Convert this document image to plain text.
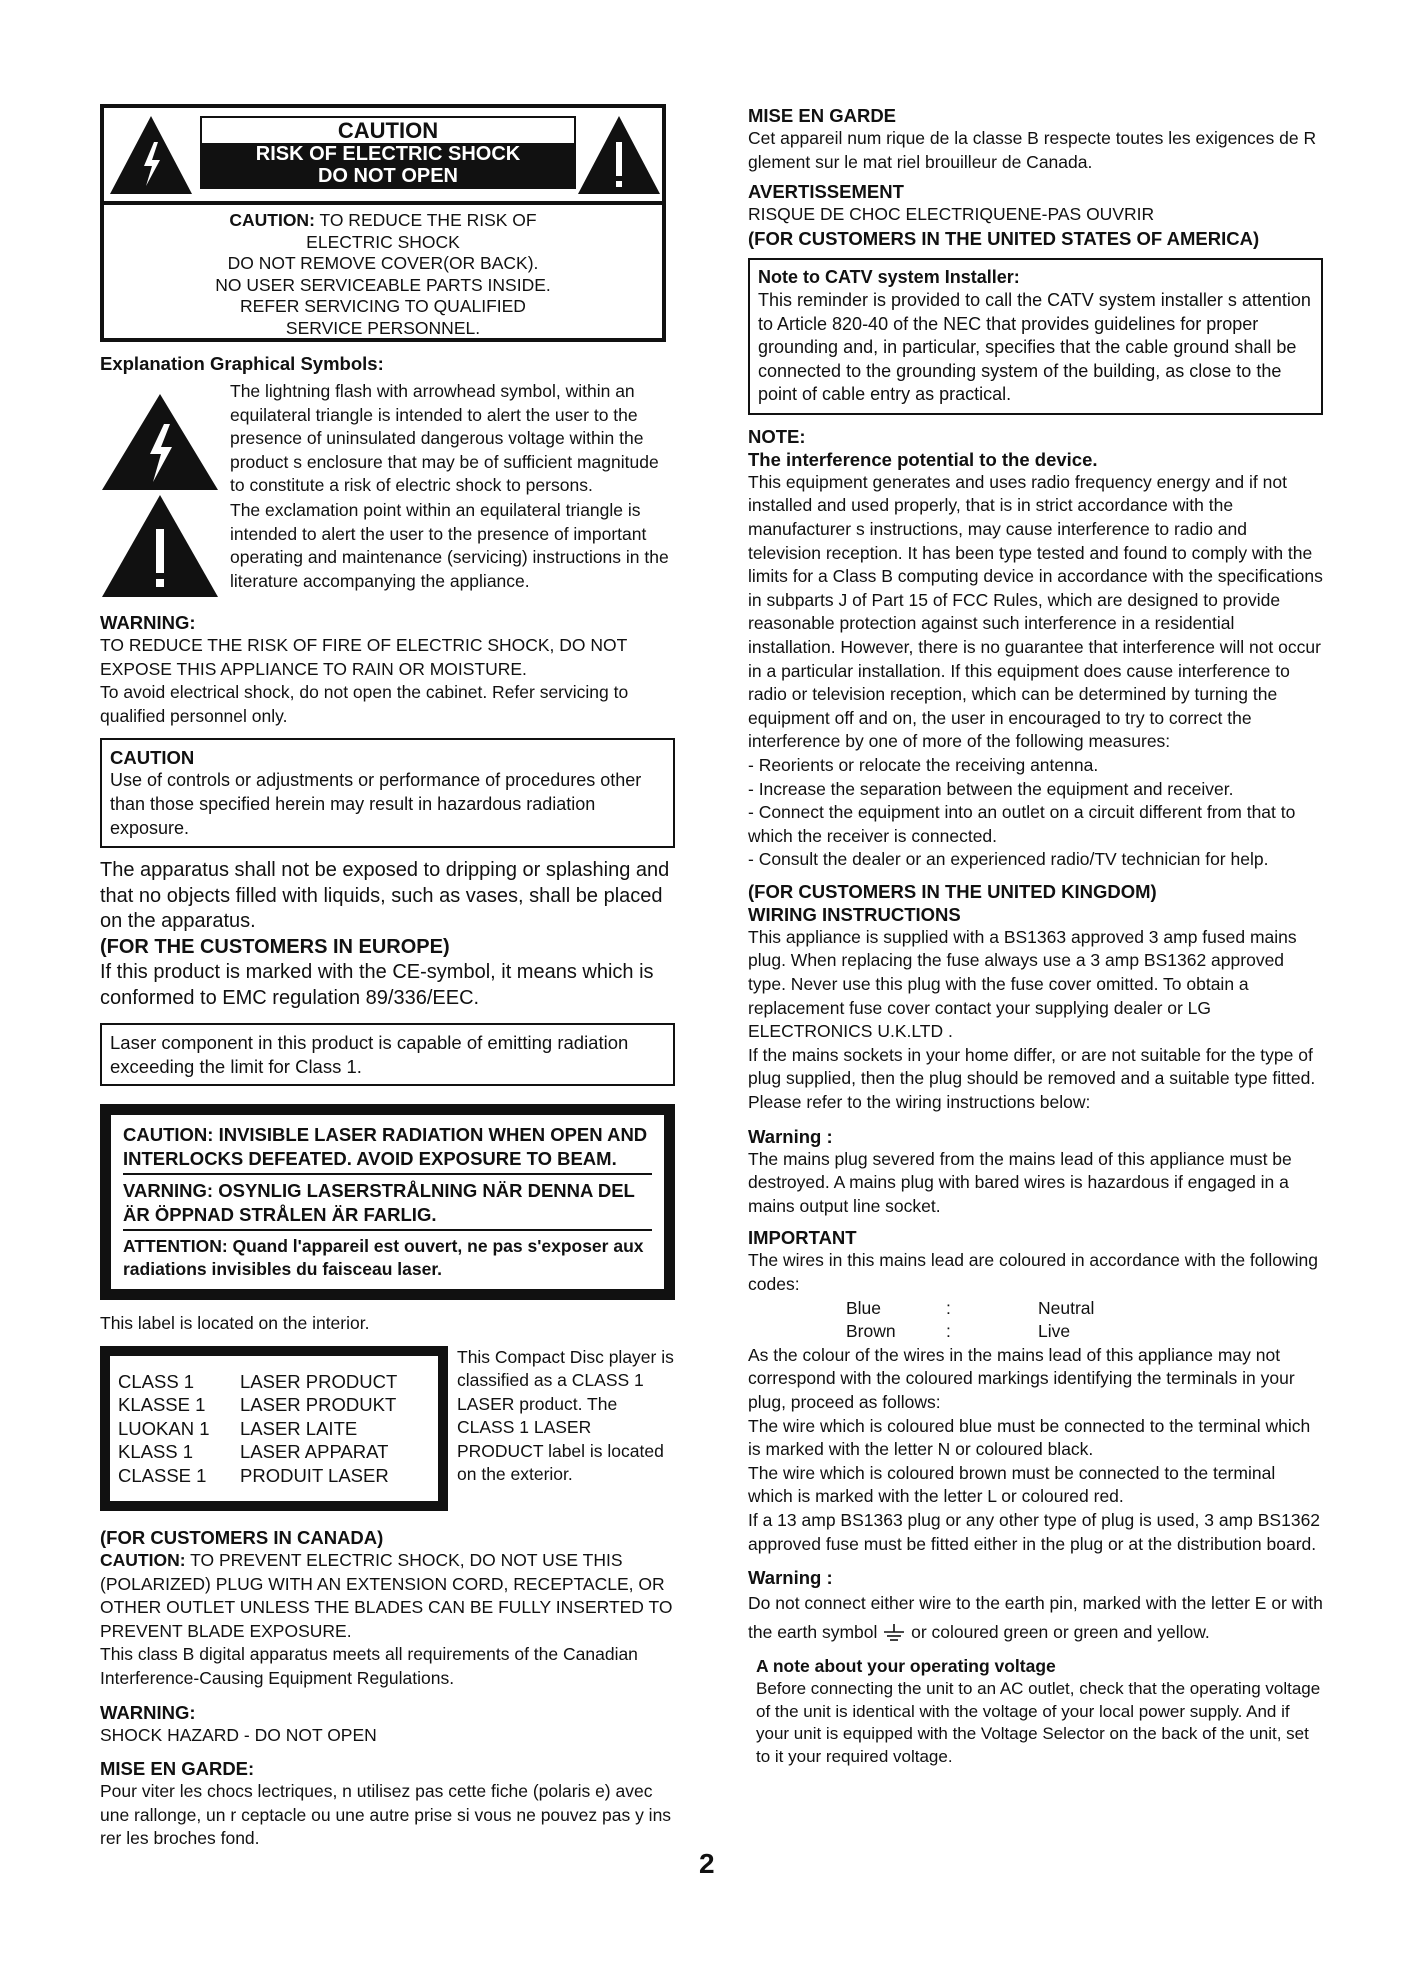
CAUTION
RISK OF ELECTRIC SHOCK
DO NOT OPEN
CAUTION: TO REDUCE THE RISK OF
ELECTRIC SHOCK
DO NOT REMOVE COVER(OR BACK).
NO USER SERVICEABLE PARTS INSIDE.
REFER SERVICING TO QUALIFIED
SERVICE PERSONNEL.

Explanation Graphical Symbols:

The lightning flash with arrowhead symbol, within an equilateral triangle is intended to alert the user to the presence of uninsulated dangerous voltage within the product s enclosure that may be of sufficient magnitude to constitute a risk of electric shock to persons.

The exclamation point within an equilateral triangle is intended to alert the user to the presence of important operating and maintenance (servicing) instructions in the literature accompanying the appliance.

WARNING:

TO REDUCE THE RISK OF FIRE OF ELECTRIC SHOCK, DO NOT EXPOSE THIS APPLIANCE TO RAIN OR MOISTURE.

To avoid electrical shock, do not open the cabinet. Refer servicing to qualified personnel only.

CAUTION

Use of controls or adjustments or performance of procedures other than those specified herein may result in hazardous radiation exposure.

The apparatus shall not be exposed to dripping or splashing and that no objects filled with liquids, such as vases, shall be placed on the apparatus.

(FOR THE CUSTOMERS IN EUROPE)

If this product is marked with the CE-symbol, it means which is conformed to EMC regulation 89/336/EEC.

Laser component in this product is capable of emitting radiation exceeding the limit for Class 1.

CAUTION: INVISIBLE LASER RADIATION WHEN OPEN AND INTERLOCKS DEFEATED. AVOID EXPOSURE TO BEAM.

VARNING: OSYNLIG LASERSTRÅLNING NÄR DENNA DEL ÄR ÖPPNAD STRÅLEN ÄR FARLIG.

ATTENTION: Quand l'appareil est ouvert, ne pas s'exposer aux radiations invisibles du faisceau laser.

This label is located on the interior.

CLASS 1	LASER PRODUCT
KLASSE 1	LASER PRODUKT
LUOKAN 1	LASER LAITE
KLASS 1	LASER APPARAT
CLASSE 1	PRODUIT LASER

This Compact Disc player is classified as a CLASS 1 LASER product. The CLASS 1 LASER PRODUCT label is located on the exterior.

(FOR CUSTOMERS IN CANADA)

CAUTION: TO PREVENT ELECTRIC SHOCK, DO NOT USE THIS (POLARIZED) PLUG WITH AN EXTENSION CORD, RECEPTACLE, OR OTHER OUTLET UNLESS THE BLADES CAN BE FULLY INSERTED TO PREVENT BLADE EXPOSURE.

This class B digital apparatus meets all requirements of the Canadian Interference-Causing Equipment Regulations.

WARNING:

SHOCK HAZARD - DO NOT OPEN

MISE EN GARDE:

Pour viter les chocs lectriques, n utilisez pas cette fiche (polaris e) avec une rallonge, un r ceptacle ou une autre prise si vous ne pouvez pas y ins rer les broches fond.

MISE EN GARDE

Cet appareil num rique de la classe B respecte toutes les exigences de R glement sur le mat riel brouilleur de Canada.

AVERTISSEMENT

RISQUE DE CHOC ELECTRIQUENE-PAS OUVRIR

(FOR CUSTOMERS IN THE UNITED STATES OF AMERICA)

Note to CATV system Installer:

This reminder is provided to call the CATV system installer s attention to Article 820-40 of the NEC that provides guidelines for proper grounding and, in particular, specifies that the cable ground shall be connected to the grounding system of the building, as close to the point of cable entry as practical.

NOTE:

The interference potential to the device.

This equipment generates and uses radio frequency energy and if not installed and used properly, that is in strict accordance with the manufacturer s instructions, may cause interference to radio and television reception. It has been type tested and found to comply with the limits for a Class B computing device in accordance with the specifications in subparts J of Part 15 of FCC Rules, which are designed to provide reasonable protection against such interference in a residential installation. However, there is no guarantee that interference will not occur in a particular installation. If this equipment does cause interference to radio or television reception, which can be determined by turning the equipment off and on, the user in encouraged to try to correct the interference by one of more of the following measures:

- Reorients or relocate the receiving antenna.

- Increase the separation between the equipment and receiver.

- Connect the equipment into an outlet on a circuit different from that to which the receiver is connected.

- Consult the dealer or an experienced radio/TV technician for help.

(FOR CUSTOMERS IN THE UNITED KINGDOM)

WIRING INSTRUCTIONS

This appliance is supplied with a BS1363 approved 3 amp fused mains plug. When replacing the fuse always use a 3 amp BS1362 approved type. Never use this plug with the fuse cover omitted. To obtain a replacement fuse cover contact your supplying dealer or LG ELECTRONICS U.K.LTD .

If the mains sockets in your home differ, or are not suitable for the type of plug supplied, then the plug should be removed and a suitable type fitted. Please refer to the wiring instructions below:

Warning :

The mains plug severed from the mains lead of this appliance must be destroyed. A mains plug with bared wires is hazardous if engaged in a mains output line socket.

IMPORTANT

The wires in this mains lead are coloured in accordance with the following codes:

Blue	:	Neutral
Brown	:	Live

As the colour of the wires in the mains lead of this appliance may not correspond with the coloured markings identifying the terminals in your plug, proceed as follows:

The wire which is coloured blue must be connected to the terminal which is marked with the letter N or coloured black.

The wire which is coloured brown must be connected to the terminal which is marked with the letter L or coloured red.

If a 13 amp BS1363 plug or any other type of plug is used, 3 amp BS1362 approved fuse must be fitted either in the plug or at the distribution board.

Warning :

Do not connect either wire to the earth pin, marked with the letter E or with the earth symbol  or coloured green or green and yellow.

A note about your operating voltage

Before connecting the unit to an AC outlet, check that the operating voltage of the unit is identical with the voltage of your local power supply. And if your unit is equipped with the Voltage Selector on the back of the unit, set to it your required voltage.

2
